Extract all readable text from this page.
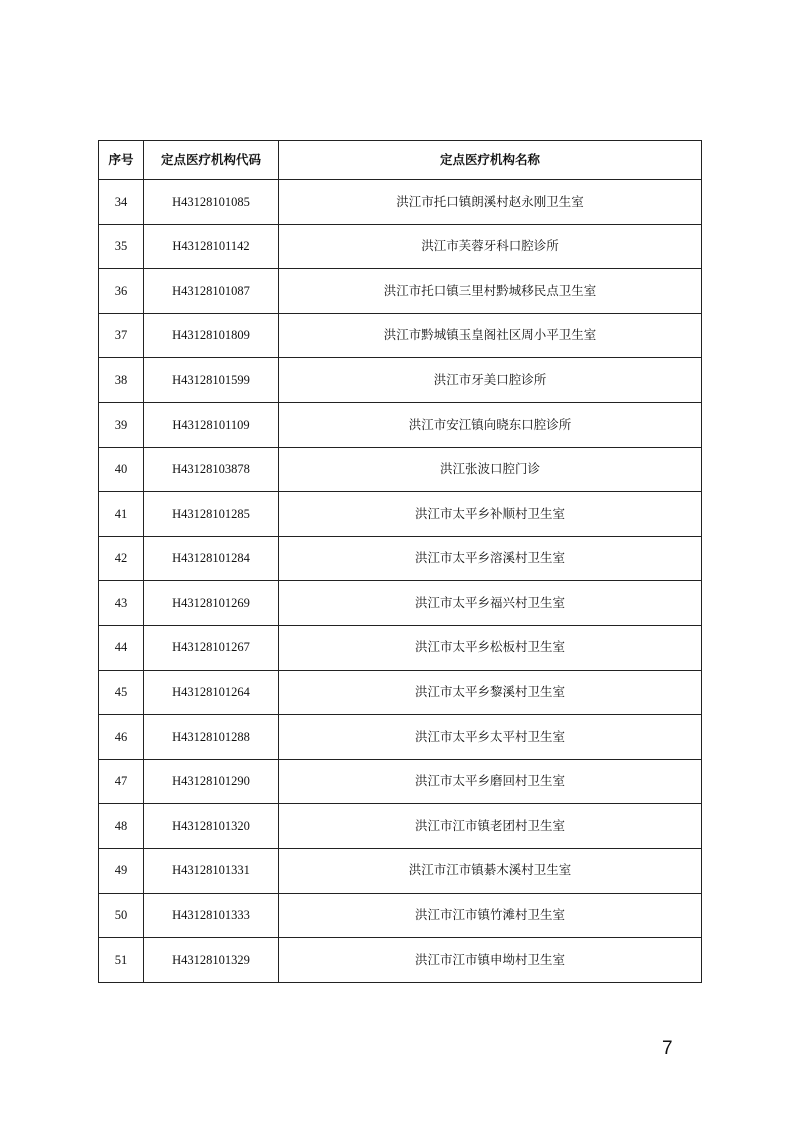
序号	定点医疗机构代码	定点医疗机构名称
34	H43128101085	洪江市托口镇朗溪村赵永刚卫生室
35	H43128101142	洪江市芙蓉牙科口腔诊所
36	H43128101087	洪江市托口镇三里村黔城移民点卫生室
37	H43128101809	洪江市黔城镇玉皇阁社区周小平卫生室
38	H43128101599	洪江市牙美口腔诊所
39	H43128101109	洪江市安江镇向晓东口腔诊所
40	H43128103878	洪江张波口腔门诊
41	H43128101285	洪江市太平乡补顺村卫生室
42	H43128101284	洪江市太平乡溶溪村卫生室
43	H43128101269	洪江市太平乡福兴村卫生室
44	H43128101267	洪江市太平乡松板村卫生室
45	H43128101264	洪江市太平乡黎溪村卫生室
46	H43128101288	洪江市太平乡太平村卫生室
47	H43128101290	洪江市太平乡磨回村卫生室
48	H43128101320	洪江市江市镇老团村卫生室
49	H43128101331	洪江市江市镇綦木溪村卫生室
50	H43128101333	洪江市江市镇竹滩村卫生室
51	H43128101329	洪江市江市镇申坳村卫生室
7
